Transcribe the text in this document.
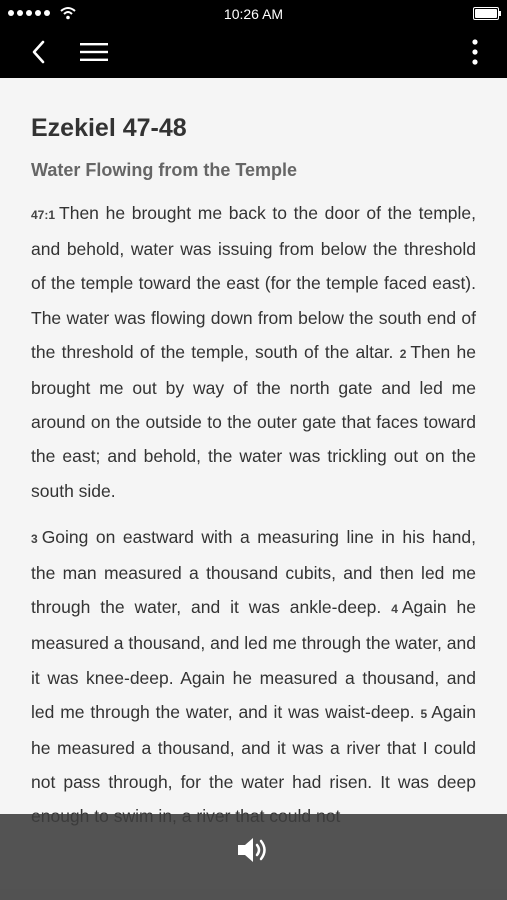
10:26 AM
Ezekiel 47-48
Water Flowing from the Temple

47:1 Then he brought me back to the door of the temple, and behold, water was issuing from below the threshold of the temple toward the east (for the temple faced east). The water was flowing down from below the south end of the threshold of the temple, south of the altar. 2 Then he brought me out by way of the north gate and led me around on the outside to the outer gate that faces toward the east; and behold, the water was trickling out on the south side.

3 Going on eastward with a measuring line in his hand, the man measured a thousand cubits, and then led me through the water, and it was ankle-deep. 4 Again he measured a thousand, and led me through the water, and it was knee-deep. Again he measured a thousand, and led me through the water, and it was waist-deep. 5 Again he measured a thousand, and it was a river that I could not pass through, for the water had risen. It was deep
